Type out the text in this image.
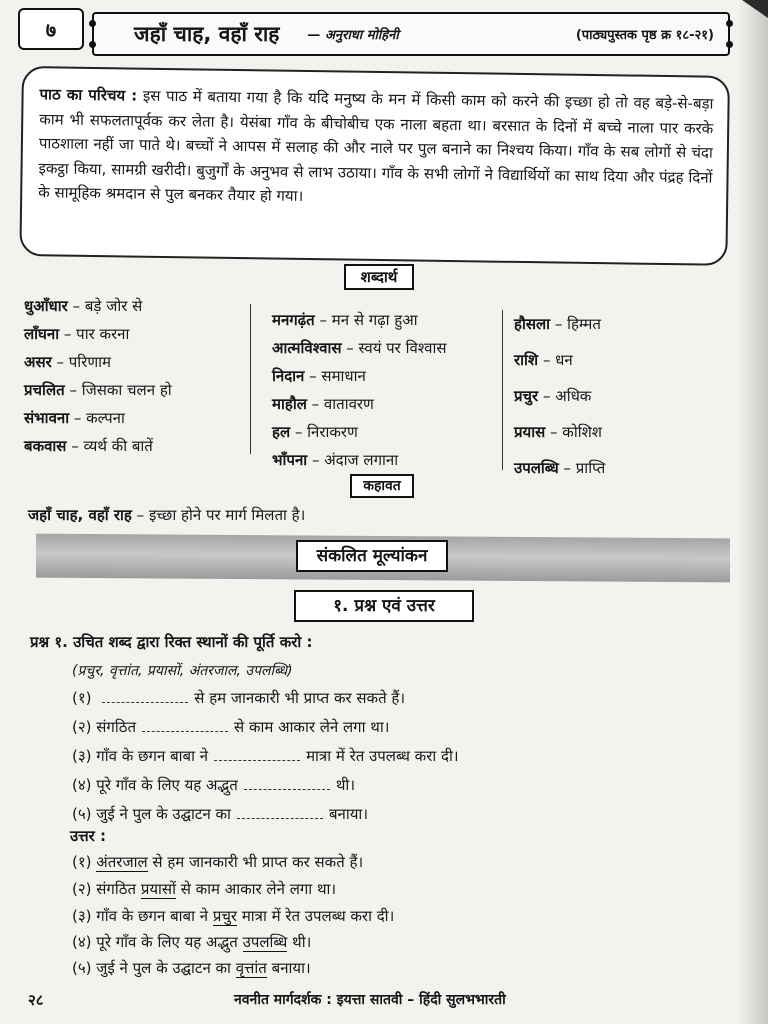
७	जहाँ चाह, वहाँ राह — अनुराधा मोहिनी	(पाठ्यपुस्तक पृष्ठ क्र १८-२१)
पाठ का परिचय : इस पाठ में बताया गया है कि यदि मनुष्य के मन में किसी काम को करने की इच्छा हो तो वह बड़े-से-बड़ा काम भी सफलतापूर्वक कर लेता है। येसंबा गाँव के बीचोबीच एक नाला बहता था। बरसात के दिनों में बच्चे नाला पार करके पाठशाला नहीं जा पाते थे। बच्चों ने आपस में सलाह की और नाले पर पुल बनाने का निश्चय किया। गाँव के सब लोगों से चंदा इकट्ठा किया, सामग्री खरीदी। बुजुर्गों के अनुभव से लाभ उठाया। गाँव के सभी लोगों ने विद्यार्थियों का साथ दिया और पंद्रह दिनों के सामूहिक श्रमदान से पुल बनकर तैयार हो गया।
शब्दार्थ
धुआँधार – बड़े जोर से
लाँघना – पार करना
असर – परिणाम
प्रचलित – जिसका चलन हो
संभावना – कल्पना
बकवास – व्यर्थ की बातें
मनगढ़ंत – मन से गढ़ा हुआ
आत्मविश्वास – स्वयं पर विश्वास
निदान – समाधान
माहौल – वातावरण
हल – निराकरण
भाँपना – अंदाज लगाना
हौसला – हिम्मत
राशि – धन
प्रचुर – अधिक
प्रयास – कोशिश
उपलब्धि – प्राप्ति
कहावत
जहाँ चाह, वहाँ राह – इच्छा होने पर मार्ग मिलता है।
संकलित मूल्यांकन
१. प्रश्न एवं उत्तर
प्रश्न १. उचित शब्द द्वारा रिक्त स्थानों की पूर्ति करो :
(प्रचुर, वृत्तांत, प्रयासों, अंतरजाल, उपलब्धि)
(१)	से हम जानकारी भी प्राप्त कर सकते हैं।
(२) संगठित	से काम आकार लेने लगा था।
(३) गाँव के छगन बाबा ने	मात्रा में रेत उपलब्ध करा दी।
(४) पूरे गाँव के लिए यह अद्भुत	थी।
(५) जुई ने पुल के उद्घाटन का	बनाया।
उत्तर :
(१) अंतरजाल से हम जानकारी भी प्राप्त कर सकते हैं।
(२) संगठित प्रयासों से काम आकार लेने लगा था।
(३) गाँव के छगन बाबा ने प्रचुर मात्रा में रेत उपलब्ध करा दी।
(४) पूरे गाँव के लिए यह अद्भुत उपलब्धि थी।
(५) जुई ने पुल के उद्घाटन का वृत्तांत बनाया।
२८	नवनीत मार्गदर्शक : इयत्ता सातवी – हिंदी सुलभभारती
